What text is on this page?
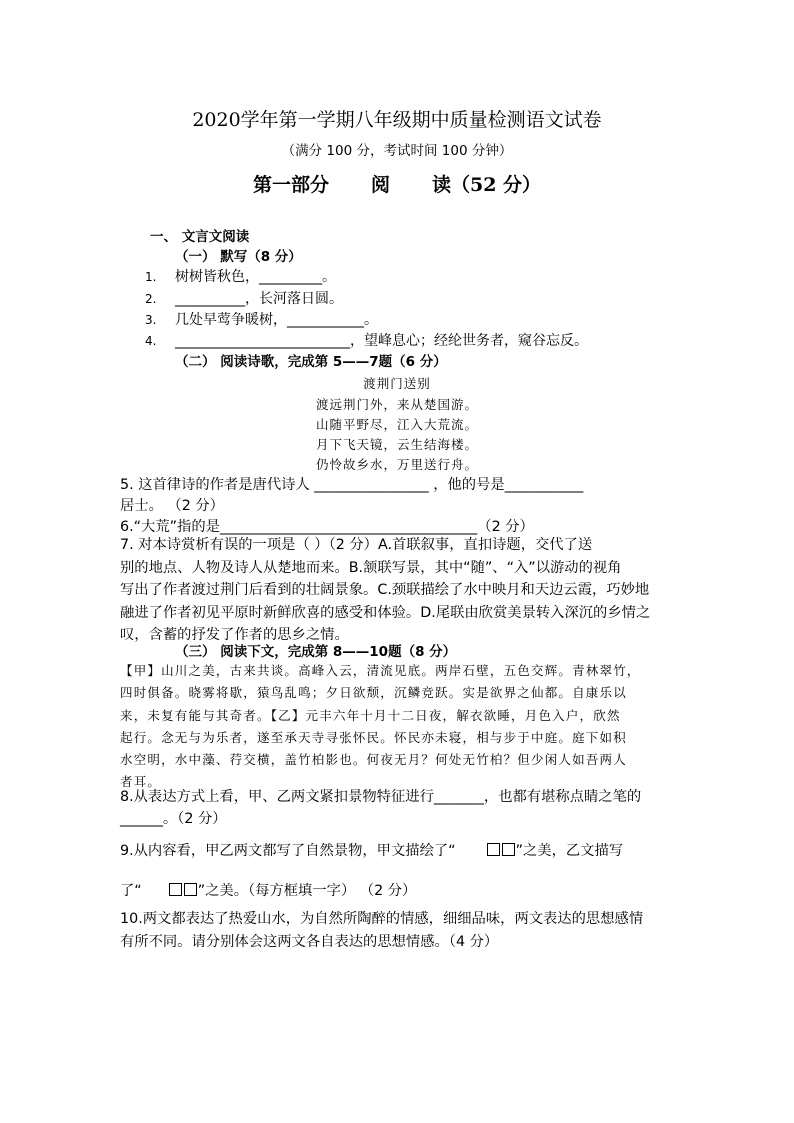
2020学年第一学期八年级期中质量检测语文试卷
（满分 100 分，考试时间 100 分钟）
第一部分 阅 读（52 分）
一、 文言文阅读
（一） 默写（8 分）
1. 树树皆秋色，_________。
2. __________，长河落日圆。
3. 几处早莺争暖树，___________。
4. _________________________，望峰息心；经纶世务者，窥谷忘反。
（二） 阅读诗歌，完成第 5——7题（6 分）
渡荆门送别
渡远荆门外，来从楚国游。
山随平野尽，江入大荒流。
月下飞天镜，云生结海楼。
仍怜故乡水，万里送行舟。
5. 这首律诗的作者是唐代诗人 ________________ ，他的号是___________
居士。 （2 分）
6.“大荒”指的是____________________________________（2 分）
7. 对本诗赏析有误的一项是（ ）（2 分）A.首联叙事，直扣诗题，交代了送
别的地点、人物及诗人从楚地而来。B.颔联写景，其中“随”、“入”以游动的视角
写出了作者渡过荆门后看到的壮阔景象。C.颈联描绘了水中映月和天边云霞，巧妙地
融进了作者初见平原时新鲜欣喜的感受和体验。D.尾联由欣赏美景转入深沉的乡情之
叹，含蓄的抒发了作者的思乡之情。
（三） 阅读下文，完成第 8——10题（8 分）
【甲】山川之美，古来共谈。高峰入云，清流见底。两岸石壁，五色交辉。青林翠竹，
四时俱备。晓雾将歇，猿鸟乱鸣；夕日欲颓，沉鳞竞跃。实是欲界之仙都。自康乐以
来，未复有能与其奇者。【乙】元丰六年十月十二日夜，解衣欲睡，月色入户，欣然
起行。念无与为乐者，遂至承天寺寻张怀民。怀民亦未寝，相与步于中庭。庭下如积
水空明，水中藻、荇交横，盖竹柏影也。何夜无月？何处无竹柏？但少闲人如吾两人
者耳。
8.从表达方式上看，甲、乙两文紧扣景物特征进行_______，也都有堪称点睛之笔的
______。（2 分）
9.从内容看，甲乙两文都写了自然景物，甲文描绘了“	”之美，乙文描写
了“	”之美。（每方框填一字） （2 分）
10.两文都表达了热爱山水，为自然所陶醉的情感，细细品味，两文表达的思想感情
有所不同。请分别体会这两文各自表达的思想情感。（4 分）
